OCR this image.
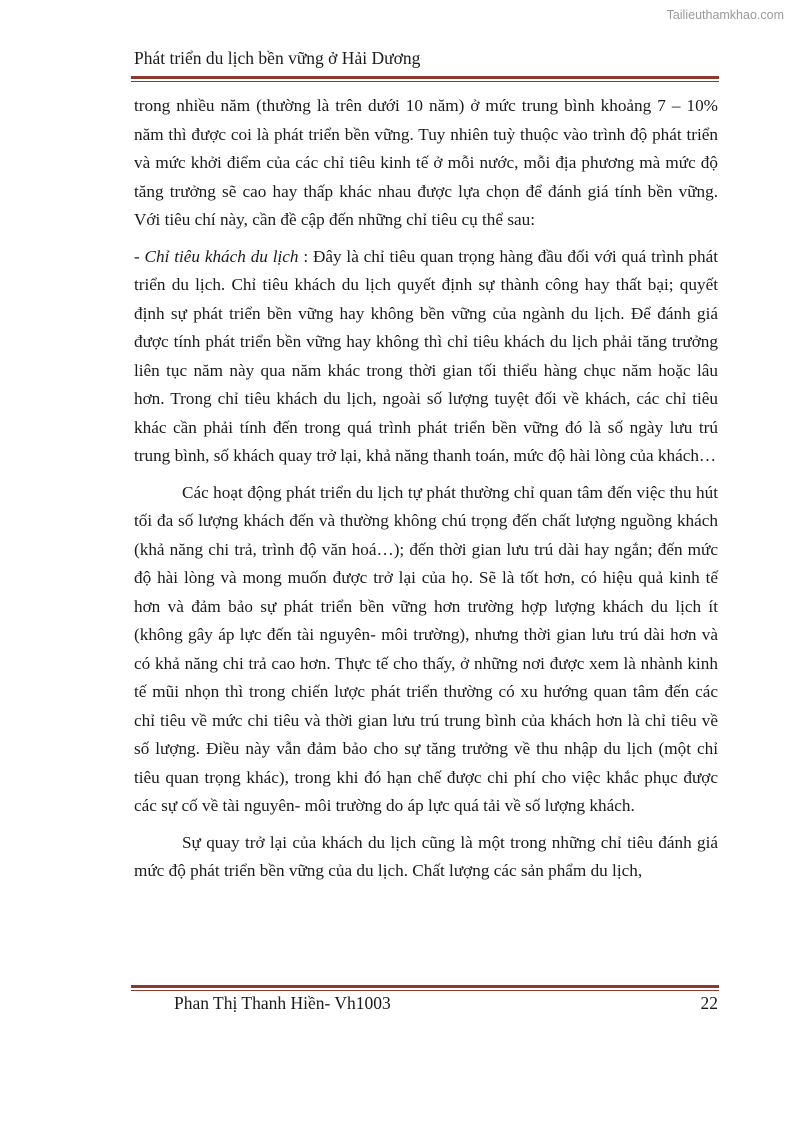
Tailieuthamkhao.com
Phát triển du lịch bền vững ở Hải Dương

trong nhiều năm (thường là trên dưới 10 năm) ở mức trung bình khoảng 7 – 10% năm thì được coi là phát triển bền vững. Tuy nhiên tuỳ thuộc vào trình độ phát triển và mức khởi điểm của các chỉ tiêu kinh tế ở mỗi nước, mỗi địa phương mà mức độ tăng trưởng sẽ cao hay thấp khác nhau được lựa chọn để đánh giá tính bền vững. Với tiêu chí này, cần đề cập đến những chỉ tiêu cụ thể sau:

- Chỉ tiêu khách du lịch : Đây là chỉ tiêu quan trọng hàng đầu đối với quá trình phát triển du lịch. Chỉ tiêu khách du lịch quyết định sự thành công hay thất bại; quyết định sự phát triển bền vững hay không bền vững của ngành du lịch. Để đánh giá được tính phát triển bền vững hay không thì chỉ tiêu khách du lịch phải tăng trưởng liên tục năm này qua năm khác trong thời gian tối thiểu hàng chục năm hoặc lâu hơn. Trong chỉ tiêu khách du lịch, ngoài số lượng tuyệt đối về khách, các chỉ tiêu khác cần phải tính đến trong quá trình phát triển bền vững đó là số ngày lưu trú trung bình, số khách quay trở lại, khả năng thanh toán, mức độ hài lòng của khách…

Các hoạt động phát triển du lịch tự phát thường chỉ quan tâm đến việc thu hút tối đa số lượng khách đến và thường không chú trọng đến chất lượng nguồng khách (khả năng chi trả, trình độ văn hoá…); đến thời gian lưu trú dài hay ngắn; đến mức độ hài lòng và mong muốn được trở lại của họ. Sẽ là tốt hơn, có hiệu quả kinh tế hơn và đảm bảo sự phát triển bền vững hơn trường hợp lượng khách du lịch ít (không gây áp lực đến tài nguyên- môi trường), nhưng thời gian lưu trú dài hơn và có khả năng chi trả cao hơn. Thực tế cho thấy, ở những nơi được xem là nhành kinh tế mũi nhọn thì trong chiến lược phát triển thường có xu hướng quan tâm đến các chỉ tiêu về mức chi tiêu và thời gian lưu trú trung bình của khách hơn là chỉ tiêu về số lượng. Điều này vẫn đảm bảo cho sự tăng trưởng về thu nhập du lịch (một chỉ tiêu quan trọng khác), trong khi đó hạn chế được chi phí cho việc khắc phục được các sự cố về tài nguyên- môi trường do áp lực quá tải về số lượng khách.

Sự quay trở lại của khách du lịch cũng là một trong những chỉ tiêu đánh giá mức độ phát triển bền vững của du lịch. Chất lượng các sản phẩm du lịch,

Phan Thị Thanh Hiền- Vh1003	22
